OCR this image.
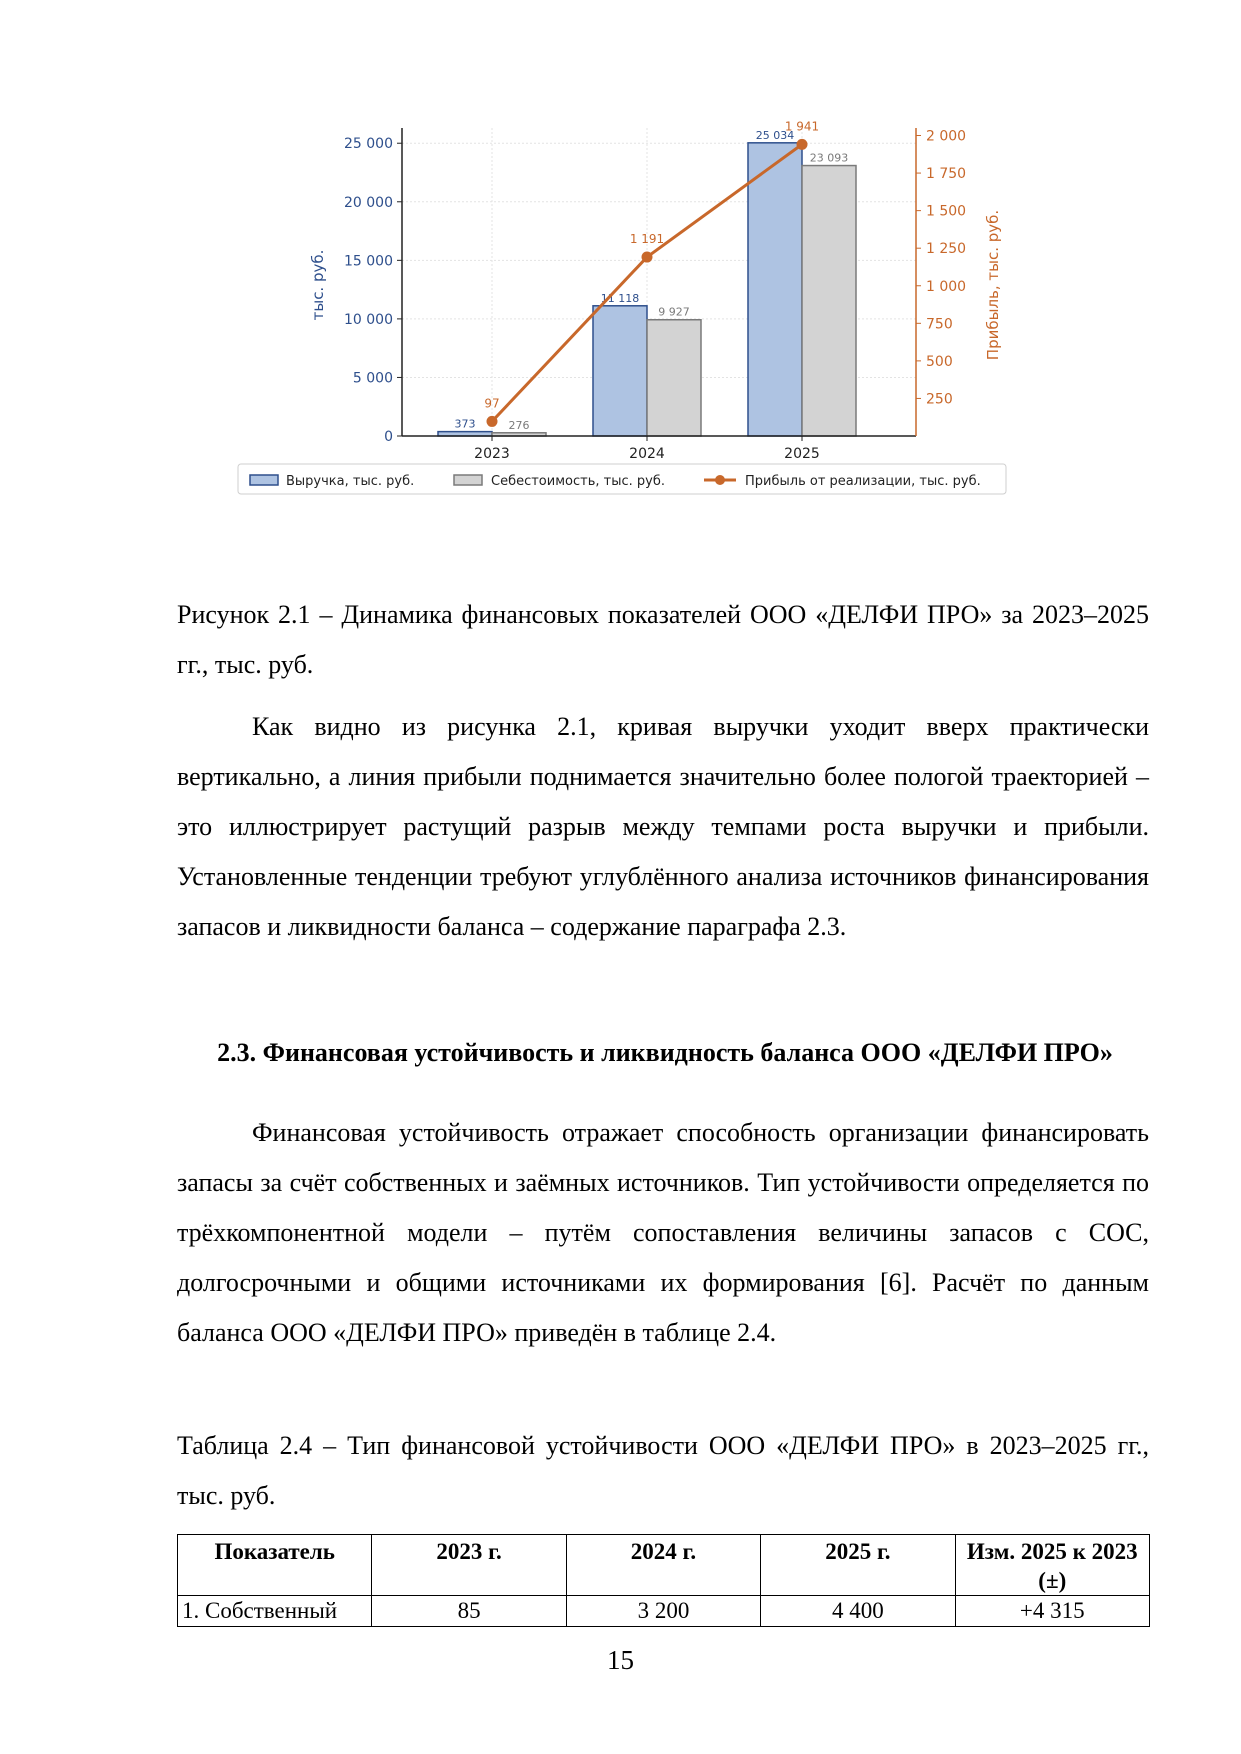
373
11 118
25 034
276
9 927
23 093
97
1 191
1 941
0
5 000
10 000
15 000
20 000
25 000
250
500
750
1 000
1 250
1 500
1 750
2 000
2023	2024	2025
тыс. руб.	Прибыль, тыс. руб.
Выручка, тыс. руб.	Себестоимость, тыс. руб.	Прибыль от реализации, тыс. руб.
Рисунок 2.1 – Динамика финансовых показателей ООО «ДЕЛФИ ПРО» за 2023–2025 гг., тыс. руб.
Как видно из рисунка 2.1, кривая выручки уходит вверх практически вертикально, а линия прибыли поднимается значительно более пологой траекторией – это иллюстрирует растущий разрыв между темпами роста выручки и прибыли. Установленные тенденции требуют углублённого анализа источников финансирования запасов и ликвидности баланса – содержание параграфа 2.3.
2.3. Финансовая устойчивость и ликвидность баланса ООО «ДЕЛФИ ПРО»
Финансовая устойчивость отражает способность организации финансировать запасы за счёт собственных и заёмных источников. Тип устойчивости определяется по трёхкомпонентной модели – путём сопоставления величины запасов с СОС, долгосрочными и общими источниками их формирования [6]. Расчёт по данным баланса ООО «ДЕЛФИ ПРО» приведён в таблице 2.4.
Таблица 2.4 – Тип финансовой устойчивости ООО «ДЕЛФИ ПРО» в 2023–2025 гг., тыс. руб.
Показатель	2023 г.	2024 г.	2025 г.	Изм. 2025 к 2023 (±)
1. Собственный	85	3 200	4 400	+4 315
15
